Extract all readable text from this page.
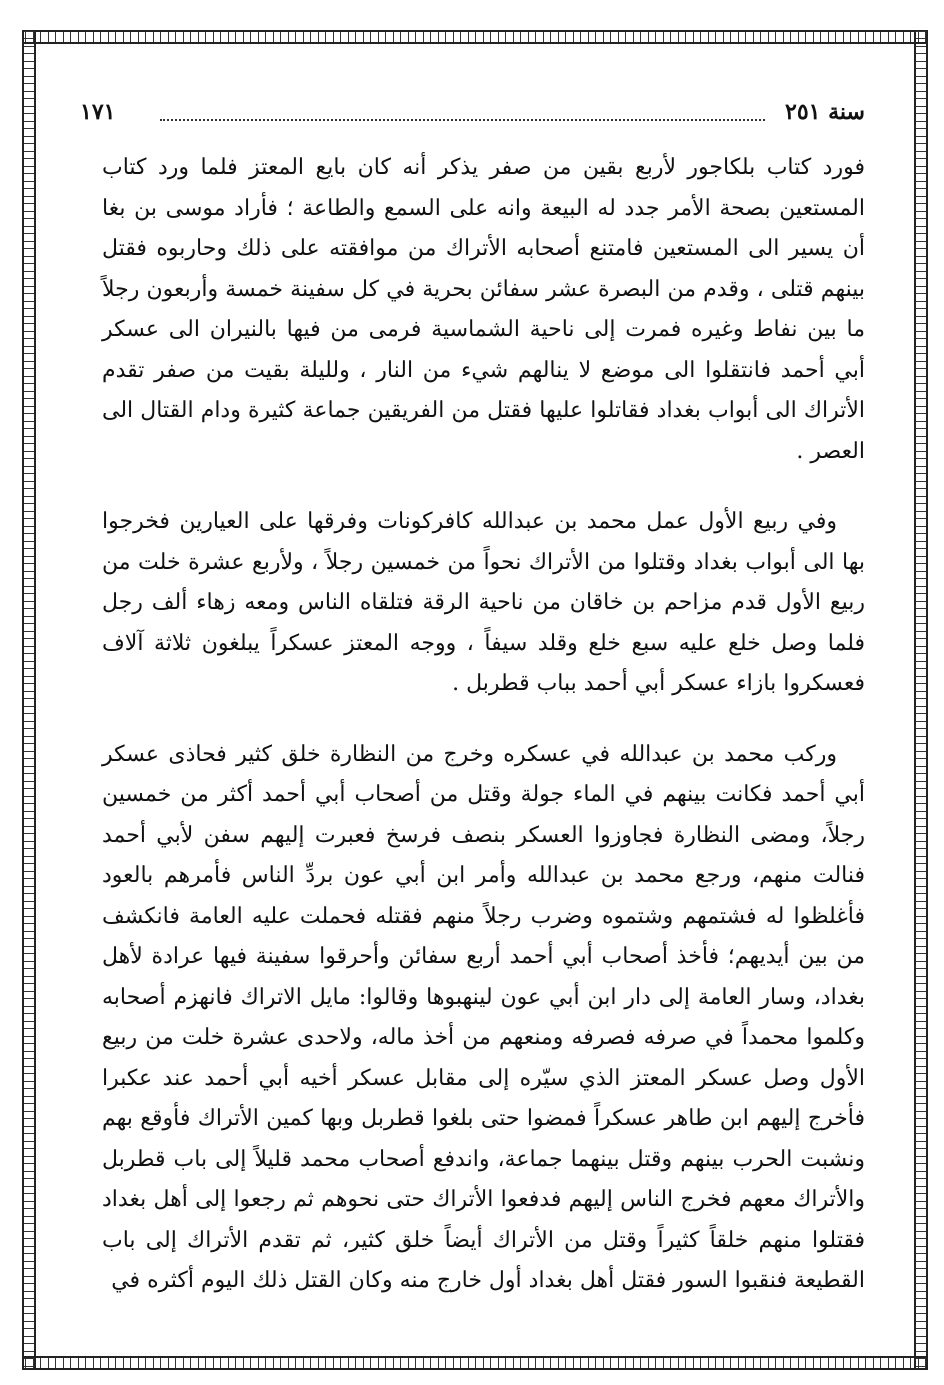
سنة ٢٥١
١٧١

فورد كتاب بلكاجور لأربع بقين من صفر يذكر أنه كان بايع المعتز فلما ورد كتاب المستعين بصحة الأمر جدد له البيعة وانه على السمع والطاعة ؛ فأراد موسى بن بغا أن يسير الى المستعين فامتنع أصحابه الأتراك من موافقته على ذلك وحاربوه فقتل بينهم قتلى ، وقدم من البصرة عشر سفائن بحرية في كل سفينة خمسة وأربعون رجلاً ما بين نفاط وغيره فمرت إلى ناحية الشماسية فرمى من فيها بالنيران الى عسكر أبي أحمد فانتقلوا الى موضع لا ينالهم شيء من النار ، ولليلة بقيت من صفر تقدم الأتراك الى أبواب بغداد فقاتلوا عليها فقتل من الفريقين جماعة كثيرة ودام القتال الى العصر .

وفي ربيع الأول عمل محمد بن عبدالله كافركونات وفرقها على العيارين فخرجوا بها الى أبواب بغداد وقتلوا من الأتراك نحواً من خمسين رجلاً ، ولأربع عشرة خلت من ربيع الأول قدم مزاحم بن خاقان من ناحية الرقة فتلقاه الناس ومعه زهاء ألف رجل فلما وصل خلع عليه سبع خلع وقلد سيفاً ، ووجه المعتز عسكراً يبلغون ثلاثة آلاف فعسكروا بازاء عسكر أبي أحمد بباب قطربل .

وركب محمد بن عبدالله في عسكره وخرج من النظارة خلق كثير فحاذى عسكر أبي أحمد فكانت بينهم في الماء جولة وقتل من أصحاب أبي أحمد أكثر من خمسين رجلاً، ومضى النظارة فجاوزوا العسكر بنصف فرسخ فعبرت إليهم سفن لأبي أحمد فنالت منهم، ورجع محمد بن عبدالله وأمر ابن أبي عون بردِّ الناس فأمرهم بالعود فأغلظوا له فشتمهم وشتموه وضرب رجلاً منهم فقتله فحملت عليه العامة فانكشف من بين أيديهم؛ فأخذ أصحاب أبي أحمد أربع سفائن وأحرقوا سفينة فيها عرادة لأهل بغداد، وسار العامة إلى دار ابن أبي عون لينهبوها وقالوا: مايل الاتراك فانهزم أصحابه وكلموا محمداً في صرفه فصرفه ومنعهم من أخذ ماله، ولاحدى عشرة خلت من ربيع الأول وصل عسكر المعتز الذي سيّره إلى مقابل عسكر أخيه أبي أحمد عند عكبرا فأخرج إليهم ابن طاهر عسكراً فمضوا حتى بلغوا قطربل وبها كمين الأتراك فأوقع بهم ونشبت الحرب بينهم وقتل بينهما جماعة، واندفع أصحاب محمد قليلاً إلى باب قطربل والأتراك معهم فخرج الناس إليهم فدفعوا الأتراك حتى نحوهم ثم رجعوا إلى أهل بغداد فقتلوا منهم خلقاً كثيراً وقتل من الأتراك أيضاً خلق كثير، ثم تقدم الأتراك إلى باب القطيعة فنقبوا السور فقتل أهل بغداد أول خارج منه وكان القتل ذلك اليوم أكثره في
